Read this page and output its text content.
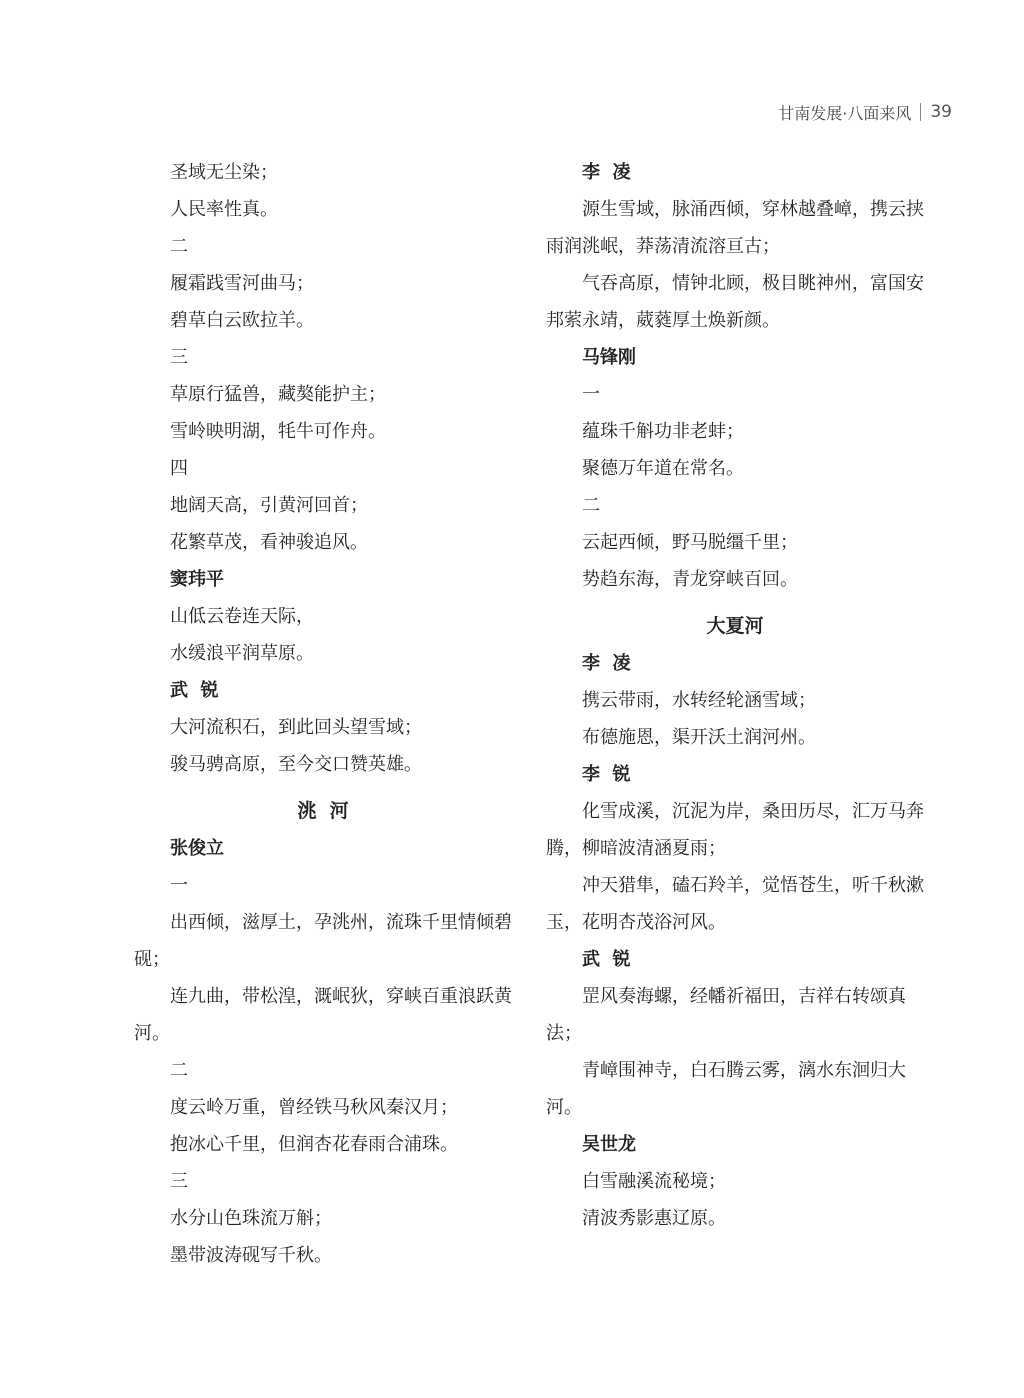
甘南发展·八面来风 39
圣域无尘染；
人民率性真。
二
履霜践雪河曲马；
碧草白云欧拉羊。
三
草原行猛兽，藏獒能护主；
雪岭映明湖，牦牛可作舟。
四
地阔天高，引黄河回首；
花繁草茂，看神骏追风。
窦玮平
山低云卷连天际，
水缓浪平润草原。
武  锐
大河流积石，到此回头望雪域；
骏马骋高原，至今交口赞英雄。
洮  河
张俊立
一
出西倾，滋厚土，孕洮州，流珠千里情倾碧砚；
连九曲，带松湟，溉岷狄，穿峡百重浪跃黄河。
二
度云岭万重，曾经铁马秋风秦汉月；
抱冰心千里，但润杏花春雨合浦珠。
三
水分山色珠流万斛；
墨带波涛砚写千秋。
李  凌
源生雪域，脉涌西倾，穿林越叠嶂，携云挟雨润洮岷，莽荡清流溶亘古；
气吞高原，情钟北顾，极目眺神州，富国安邦萦永靖，葳蕤厚土焕新颜。
马锋刚
一
蕴珠千斛功非老蚌；
聚德万年道在常名。
二
云起西倾，野马脱缰千里；
势趋东海，青龙穿峡百回。
大夏河
李  凌
携云带雨，水转经轮涵雪域；
布德施恩，渠开沃土润河州。
李  锐
化雪成溪，沉泥为岸，桑田历尽，汇万马奔腾，柳暗波清涵夏雨；
冲天猎隼，磕石羚羊，觉悟苍生，听千秋漱玉，花明杏茂浴河风。
武  锐
罡风奏海螺，经幡祈福田，吉祥右转颂真法；
青嶂围神寺，白石腾云雾，漓水东洄归大河。
吴世龙
白雪融溪流秘境；
清波秀影惠辽原。
